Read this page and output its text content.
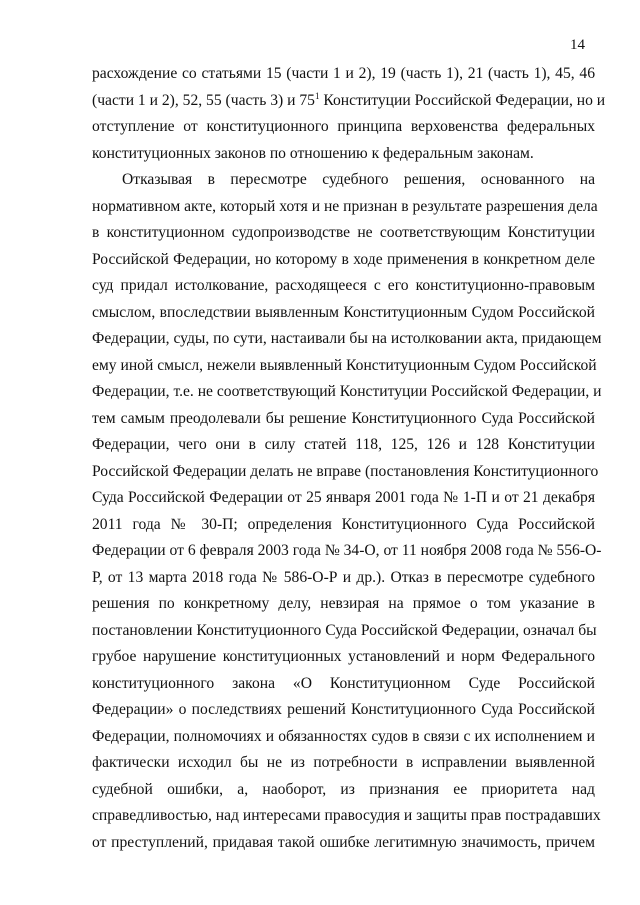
14
расхождение со статьями 15 (части 1 и 2), 19 (часть 1), 21 (часть 1), 45, 46
(части 1 и 2), 52, 55 (часть 3) и $75^1$ Конституции Российской Федерации, но и
отступление от конституционного принципа верховенства федеральных
конституционных законов по отношению к федеральным законам.
Отказывая в пересмотре судебного решения, основанного на
нормативном акте, который хотя и не признан в результате разрешения дела
в конституционном судопроизводстве не соответствующим Конституции
Российской Федерации, но которому в ходе применения в конкретном деле
суд придал истолкование, расходящееся с его конституционно-правовым
смыслом, впоследствии выявленным Конституционным Судом Российской
Федерации, суды, по сути, настаивали бы на истолковании акта, придающем
ему иной смысл, нежели выявленный Конституционным Судом Российской
Федерации, т.е. не соответствующий Конституции Российской Федерации, и
тем самым преодолевали бы решение Конституционного Суда Российской
Федерации, чего они в силу статей 118, 125, 126 и 128 Конституции
Российской Федерации делать не вправе (постановления Конституционного
Суда Российской Федерации от 25 января 2001 года № 1-П и от 21 декабря
2011 года № 30-П; определения Конституционного Суда Российской
Федерации от 6 февраля 2003 года № 34-О, от 11 ноября 2008 года № 556-О-
Р, от 13 марта 2018 года № 586-О-Р и др.). Отказ в пересмотре судебного
решения по конкретному делу, невзирая на прямое о том указание в
постановлении Конституционного Суда Российской Федерации, означал бы
грубое нарушение конституционных установлений и норм Федерального
конституционного закона «О Конституционном Суде Российской
Федерации» о последствиях решений Конституционного Суда Российской
Федерации, полномочиях и обязанностях судов в связи с их исполнением и
фактически исходил бы не из потребности в исправлении выявленной
судебной ошибки, а, наоборот, из признания ее приоритета над
справедливостью, над интересами правосудия и защиты прав пострадавших
от преступлений, придавая такой ошибке легитимную значимость, причем
